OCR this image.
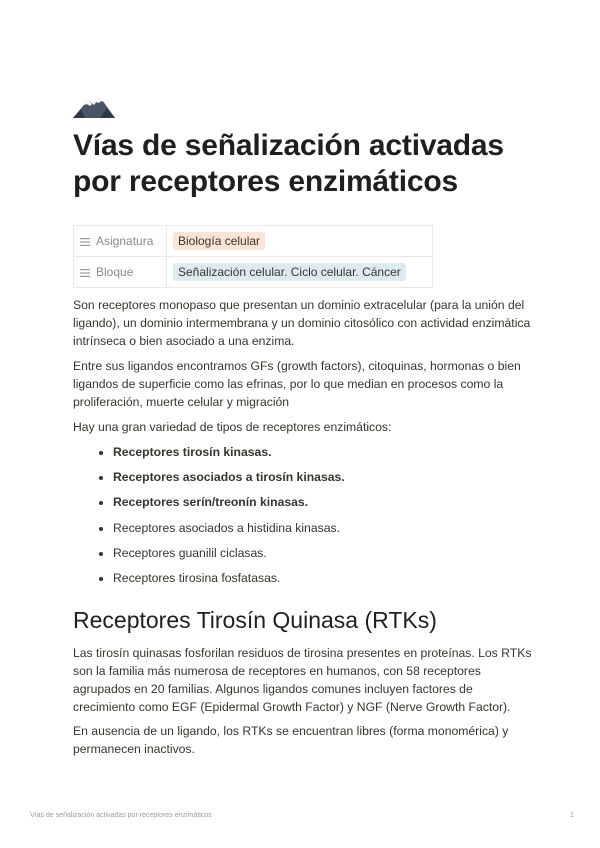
Vías de señalización activadas por receptores enzimáticos
Asignatura	Biología celular
Bloque	Señalización celular. Ciclo celular. Cáncer

Son receptores monopaso que presentan un dominio extracelular (para la unión del ligando), un dominio intermembrana y un dominio citosólico con actividad enzimática intrínseca o bien asociado a una enzima.

Entre sus ligandos encontramos GFs (growth factors), citoquinas, hormonas o bien ligandos de superficie como las efrinas, por lo que median en procesos como la proliferación, muerte celular y migración

Hay una gran variedad de tipos de receptores enzimáticos:

• Receptores tirosín kinasas.
• Receptores asociados a tirosín kinasas.
• Receptores serín/treonín kinasas.
• Receptores asociados a histidina kinasas.
• Receptores guanilil ciclasas.
• Receptores tirosina fosfatasas.
Receptores Tirosín Quinasa (RTKs)

Las tirosín quinasas fosforilan residuos de tirosina presentes en proteínas. Los RTKs son la familia más numerosa de receptores en humanos, con 58 receptores agrupados en 20 familias. Algunos ligandos comunes incluyen factores de crecimiento como EGF (Epidermal Growth Factor) y NGF (Nerve Growth Factor).

En ausencia de un ligando, los RTKs se encuentran libres (forma monomérica) y permanecen inactivos.

Vías de señalización activadas por receptores enzimáticos	1
